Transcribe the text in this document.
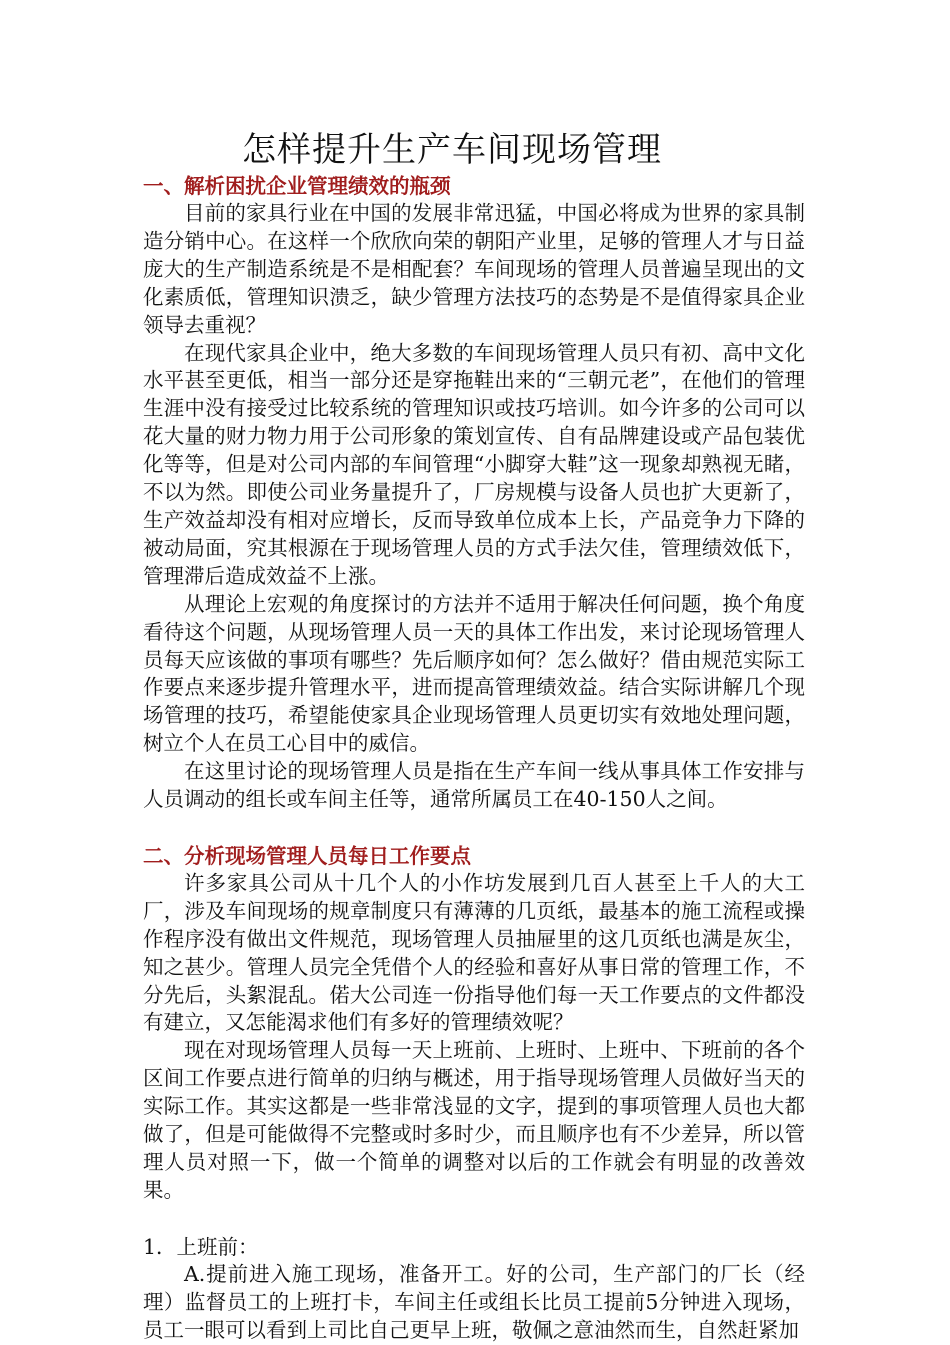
怎样提升生产车间现场管理

一、解析困扰企业管理绩效的瓶颈

目前的家具行业在中国的发展非常迅猛，中国必将成为世界的家具制造分销中心。在这样一个欣欣向荣的朝阳产业里，足够的管理人才与日益庞大的生产制造系统是不是相配套？车间现场的管理人员普遍呈现出的文化素质低，管理知识溃乏，缺少管理方法技巧的态势是不是值得家具企业领导去重视？

在现代家具企业中，绝大多数的车间现场管理人员只有初、高中文化水平甚至更低，相当一部分还是穿拖鞋出来的“三朝元老”，在他们的管理生涯中没有接受过比较系统的管理知识或技巧培训。如今许多的公司可以花大量的财力物力用于公司形象的策划宣传、自有品牌建设或产品包装优化等等，但是对公司内部的车间管理“小脚穿大鞋”这一现象却熟视无睹，不以为然。即使公司业务量提升了，厂房规模与设备人员也扩大更新了，生产效益却没有相对应增长，反而导致单位成本上长，产品竞争力下降的被动局面，究其根源在于现场管理人员的方式手法欠佳，管理绩效低下，管理滞后造成效益不上涨。

从理论上宏观的角度探讨的方法并不适用于解决任何问题，换个角度看待这个问题，从现场管理人员一天的具体工作出发，来讨论现场管理人员每天应该做的事项有哪些？先后顺序如何？怎么做好？借由规范实际工作要点来逐步提升管理水平，进而提高管理绩效益。结合实际讲解几个现场管理的技巧，希望能使家具企业现场管理人员更切实有效地处理问题，树立个人在员工心目中的威信。

在这里讨论的现场管理人员是指在生产车间一线从事具体工作安排与人员调动的组长或车间主任等，通常所属员工在40-150人之间。

二、分析现场管理人员每日工作要点

许多家具公司从十几个人的小作坊发展到几百人甚至上千人的大工厂，涉及车间现场的规章制度只有薄薄的几页纸，最基本的施工流程或操作程序没有做出文件规范，现场管理人员抽屉里的这几页纸也满是灰尘，知之甚少。管理人员完全凭借个人的经验和喜好从事日常的管理工作，不分先后，头絮混乱。偌大公司连一份指导他们每一天工作要点的文件都没有建立，又怎能渴求他们有多好的管理绩效呢？

现在对现场管理人员每一天上班前、上班时、上班中、下班前的各个区间工作要点进行简单的归纳与概述，用于指导现场管理人员做好当天的实际工作。其实这都是一些非常浅显的文字，提到的事项管理人员也大都做了，但是可能做得不完整或时多时少，而且顺序也有不少差异，所以管理人员对照一下，做一个简单的调整对以后的工作就会有明显的改善效果。

1．上班前：

A.提前进入施工现场，准备开工。好的公司，生产部门的厂长（经理）监督员工的上班打卡，车间主任或组长比员工提前5分钟进入现场，员工一眼可以看到上司比自己更早上班，敬佩之意油然而生，自然赶紧加
